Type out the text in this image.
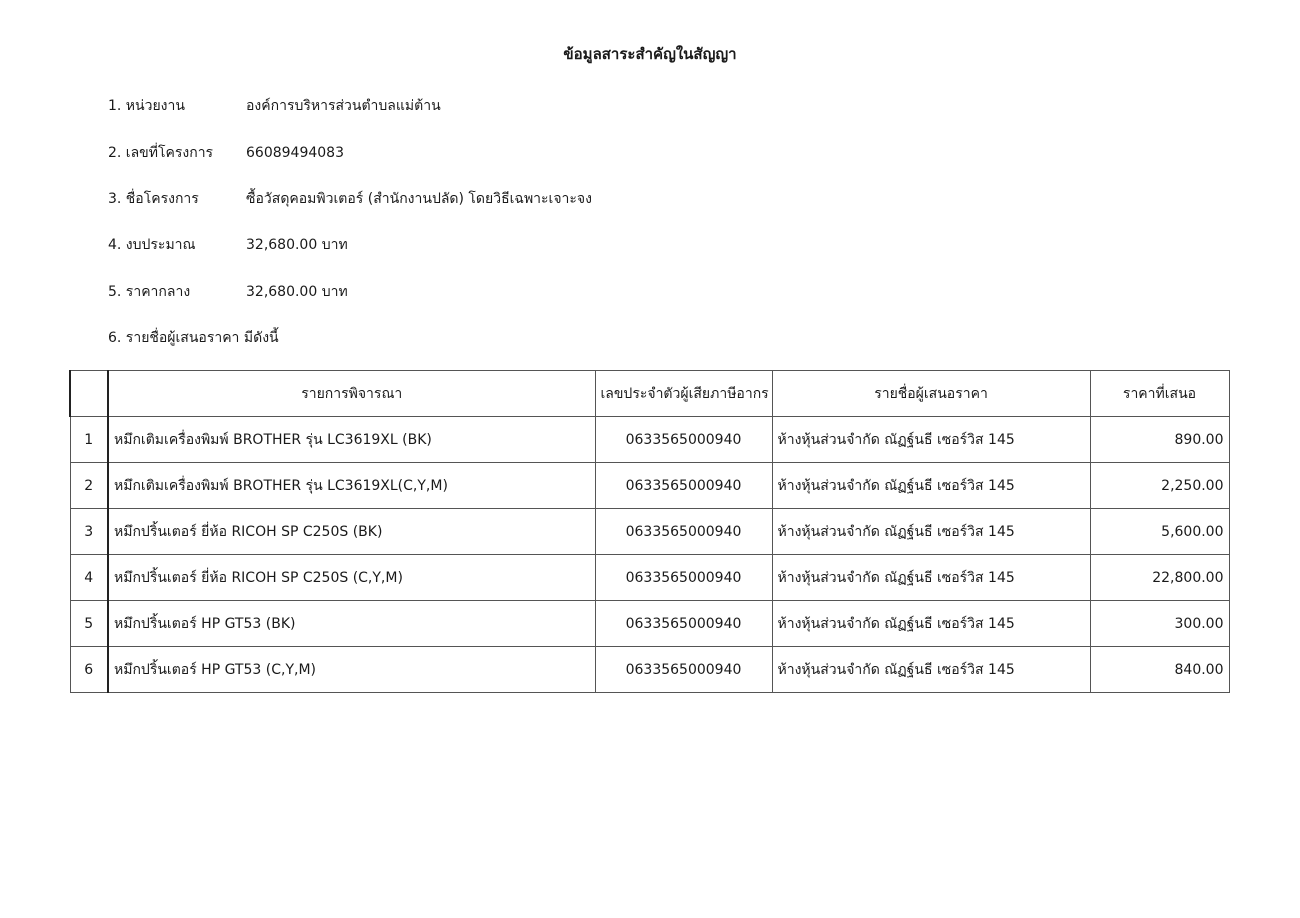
ข้อมูลสาระสำคัญในสัญญา
1. หน่วยงาน	องค์การบริหารส่วนตำบลแม่ต้าน
2. เลขที่โครงการ 66089494083
3. ชื่อโครงการ	ซื้อวัสดุคอมพิวเตอร์ (สำนักงานปลัด) โดยวิธีเฉพาะเจาะจง
4. งบประมาณ	32,680.00 บาท
5. ราคากลาง	32,680.00 บาท
6. รายชื่อผู้เสนอราคา มีดังนี้
	รายการพิจารณา	เลขประจำตัวผู้เสียภาษีอากร	รายชื่อผู้เสนอราคา	ราคาที่เสนอ
1	หมึกเติมเครื่องพิมพ์ BROTHER รุ่น LC3619XL (BK)	0633565000940	ห้างหุ้นส่วนจำกัด ณัฏฐ์นธี เซอร์วิส 145	890.00
2	หมึกเติมเครื่องพิมพ์ BROTHER รุ่น LC3619XL(C,Y,M)	0633565000940	ห้างหุ้นส่วนจำกัด ณัฏฐ์นธี เซอร์วิส 145	2,250.00
3	หมึกปริ้นเตอร์ ยี่ห้อ RICOH SP C250S (BK)	0633565000940	ห้างหุ้นส่วนจำกัด ณัฏฐ์นธี เซอร์วิส 145	5,600.00
4	หมึกปริ้นเตอร์ ยี่ห้อ RICOH SP C250S (C,Y,M)	0633565000940	ห้างหุ้นส่วนจำกัด ณัฏฐ์นธี เซอร์วิส 145	22,800.00
5	หมึกปริ้นเตอร์ HP GT53 (BK)	0633565000940	ห้างหุ้นส่วนจำกัด ณัฏฐ์นธี เซอร์วิส 145	300.00
6	หมึกปริ้นเตอร์ HP GT53 (C,Y,M)	0633565000940	ห้างหุ้นส่วนจำกัด ณัฏฐ์นธี เซอร์วิส 145	840.00
